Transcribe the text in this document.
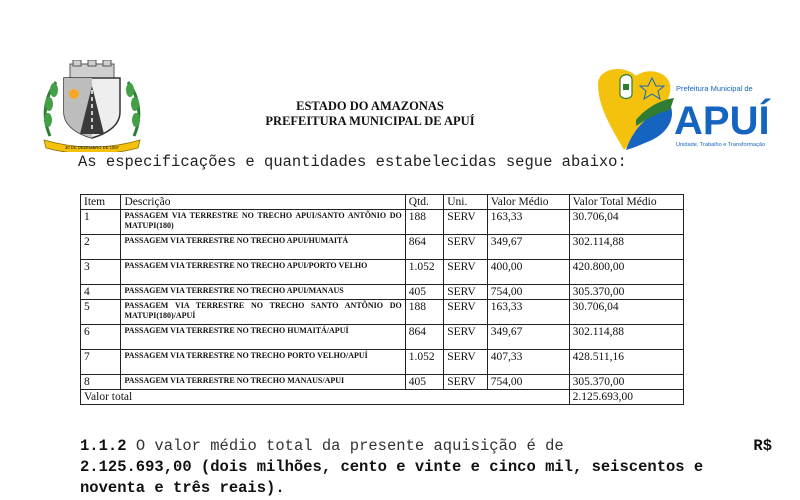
30 DE DEZEMBRO DE 1987
ESTADO DO AMAZONAS
PREFEITURA MUNICIPAL DE APUÍ
Prefeitura Municipal de
APUÍ
Unidade, Trabalho e Transformação
As especificações e quantidades estabelecidas segue abaixo:
Item	Descrição	Qtd.	Uni.	Valor Médio	Valor Total Médio
1	PASSAGEM VIA TERRESTRE NO TRECHO APUI/SANTO ANTÔNIO DO MATUPI(180)	188	SERV	163,33	30.706,04
2	PASSAGEM VIA TERRESTRE NO TRECHO APUI/HUMAITÁ	864	SERV	349,67	302.114,88
3	PASSAGEM VIA TERRESTRE NO TRECHO APUI/PORTO VELHO	1.052	SERV	400,00	420.800,00
4	PASSAGEM VIA TERRESTRE NO TRECHO APUI/MANAUS	405	SERV	754,00	305.370,00
5	PASSAGEM VIA TERRESTRE NO TRECHO SANTO ANTÔNIO DO MATUPI(180)/APUÍ	188	SERV	163,33	30.706,04
6	PASSAGEM VIA TERRESTRE NO TRECHO HUMAITÁ/APUÍ	864	SERV	349,67	302.114,88
7	PASSAGEM VIA TERRESTRE NO TRECHO PORTO VELHO/APUÍ	1.052	SERV	407,33	428.511,16
8	PASSAGEM VIA TERRESTRE NO TRECHO MANAUS/APUI	405	SERV	754,00	305.370,00
Valor total					2.125.693,00
1.1.2 O valor médio total da presente aquisição é de	R$
2.125.693,00 (dois milhões, cento e vinte e cinco mil, seiscentos e noventa e três reais).
